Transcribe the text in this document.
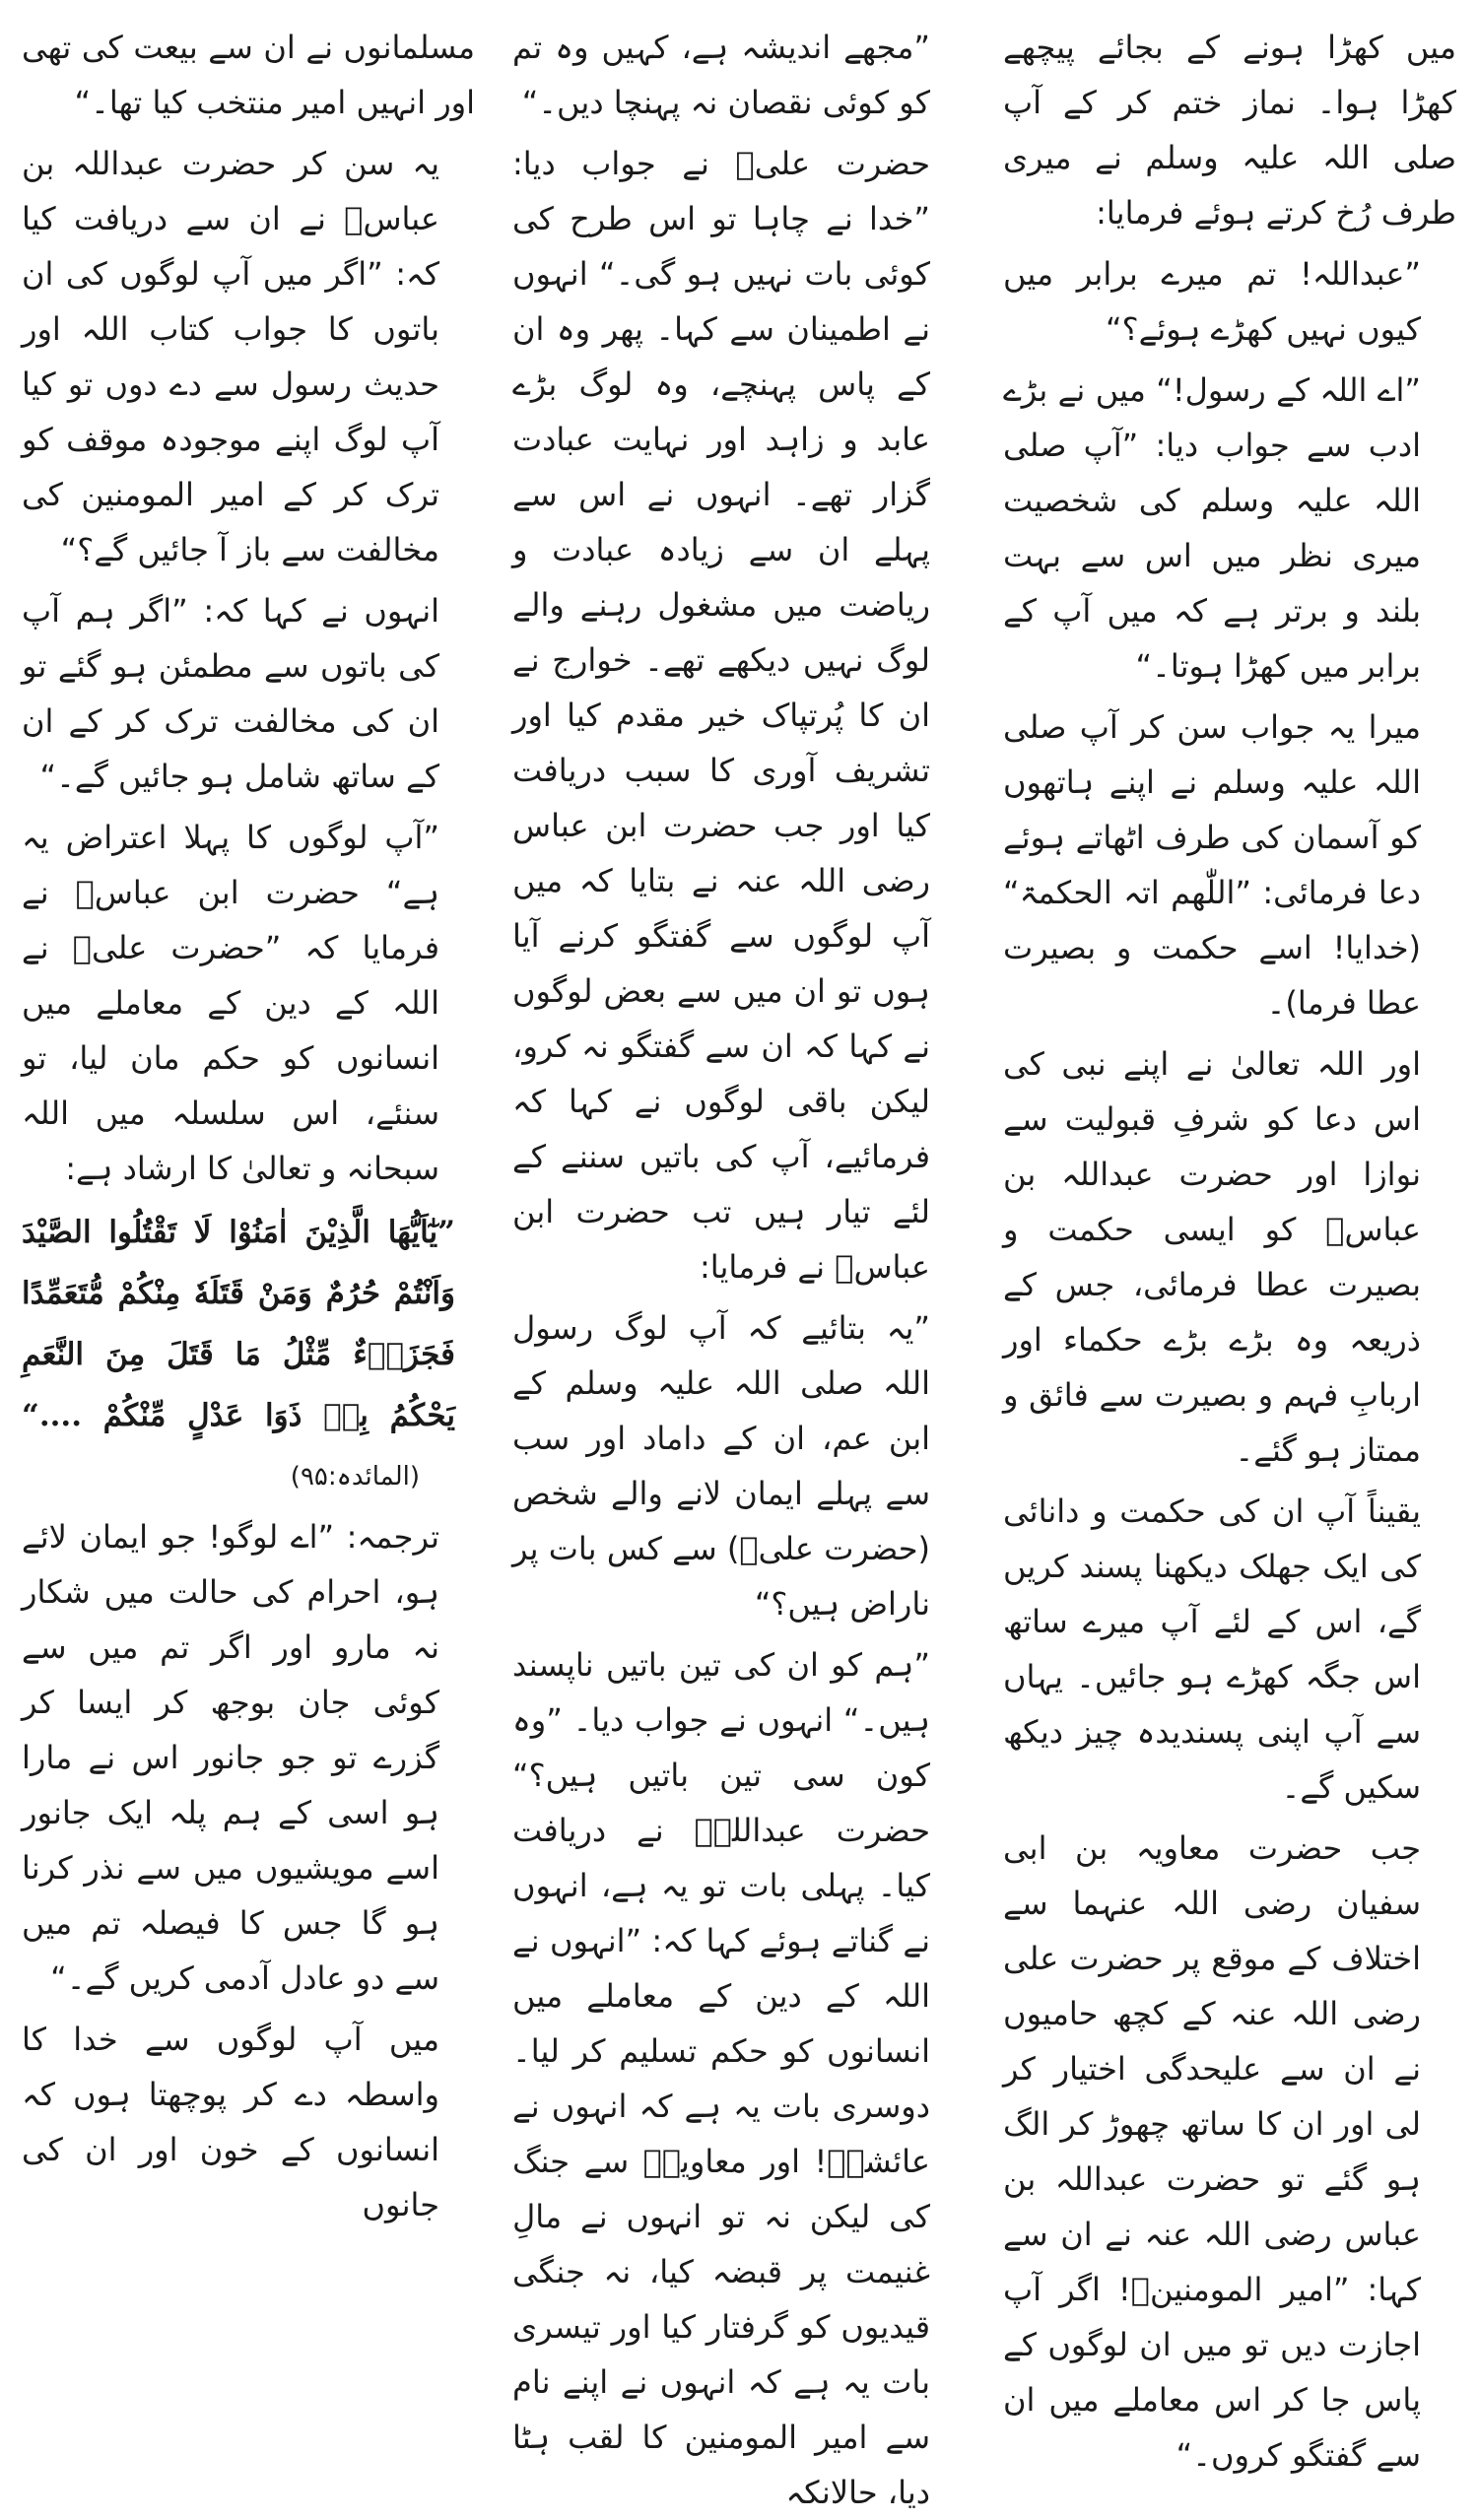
میں کھڑا ہونے کے بجائے پیچھے کھڑا ہوا۔ نماز ختم کر کے آپ صلی اللہ علیہ وسلم نے میری طرف رُخ کرتے ہوئے فرمایا:

”عبداللہ! تم میرے برابر میں کیوں نہیں کھڑے ہوئے؟“

”اے اللہ کے رسول!“ میں نے بڑے ادب سے جواب دیا: ”آپ صلی اللہ علیہ وسلم کی شخصیت میری نظر میں اس سے بہت بلند و برتر ہے کہ میں آپ کے برابر میں کھڑا ہوتا۔“

میرا یہ جواب سن کر آپ صلی اللہ علیہ وسلم نے اپنے ہاتھوں کو آسمان کی طرف اٹھاتے ہوئے دعا فرمائی: ”اللّٰھم اتہ الحکمۃ“ (خدایا! اسے حکمت و بصیرت عطا فرما)۔

اور اللہ تعالیٰ نے اپنے نبی کی اس دعا کو شرفِ قبولیت سے نوازا اور حضرت عبداللہ بن عباسؓ کو ایسی حکمت و بصیرت عطا فرمائی، جس کے ذریعہ وہ بڑے بڑے حکماء اور اربابِ فہم و بصیرت سے فائق و ممتاز ہو گئے۔

یقیناً آپ ان کی حکمت و دانائی کی ایک جھلک دیکھنا پسند کریں گے، اس کے لئے آپ میرے ساتھ اس جگہ کھڑے ہو جائیں۔ یہاں سے آپ اپنی پسندیدہ چیز دیکھ سکیں گے۔

جب حضرت معاویہ بن ابی سفیان رضی اللہ عنہما سے اختلاف کے موقع پر حضرت علی رضی اللہ عنہ کے کچھ حامیوں نے ان سے علیحدگی اختیار کر لی اور ان کا ساتھ چھوڑ کر الگ ہو گئے تو حضرت عبداللہ بن عباس رضی اللہ عنہ نے ان سے کہا: ”امیر المومنینؓ! اگر آپ اجازت دیں تو میں ان لوگوں کے پاس جا کر اس معاملے میں ان سے گفتگو کروں۔“

”مجھے اندیشہ ہے، کہیں وہ تم کو کوئی نقصان نہ پہنچا دیں۔“

حضرت علیؓ نے جواب دیا: ”خدا نے چاہا تو اس طرح کی کوئی بات نہیں ہو گی۔“ انہوں نے اطمینان سے کہا۔ پھر وہ ان کے پاس پہنچے، وہ لوگ بڑے عابد و زاہد اور نہایت عبادت گزار تھے۔ انہوں نے اس سے پہلے ان سے زیادہ عبادت و ریاضت میں مشغول رہنے والے لوگ نہیں دیکھے تھے۔ خوارج نے ان کا پُرتپاک خیر مقدم کیا اور تشریف آوری کا سبب دریافت کیا اور جب حضرت ابن عباس رضی اللہ عنہ نے بتایا کہ میں آپ لوگوں سے گفتگو کرنے آیا ہوں تو ان میں سے بعض لوگوں نے کہا کہ ان سے گفتگو نہ کرو، لیکن باقی لوگوں نے کہا کہ فرمائیے، آپ کی باتیں سننے کے لئے تیار ہیں تب حضرت ابن عباسؓ نے فرمایا:

”یہ بتائیے کہ آپ لوگ رسول اللہ صلی اللہ علیہ وسلم کے ابن عم، ان کے داماد اور سب سے پہلے ایمان لانے والے شخص (حضرت علیؓ) سے کس بات پر ناراض ہیں؟“

”ہم کو ان کی تین باتیں ناپسند ہیں۔“ انہوں نے جواب دیا۔ ”وہ کون سی تین باتیں ہیں؟“ حضرت عبداللہؓ نے دریافت کیا۔ پہلی بات تو یہ ہے، انہوں نے گناتے ہوئے کہا کہ: ”انہوں نے اللہ کے دین کے معاملے میں انسانوں کو حکم تسلیم کر لیا۔ دوسری بات یہ ہے کہ انہوں نے عائشہؓ! اور معاویہؓ سے جنگ کی لیکن نہ تو انہوں نے مالِ غنیمت پر قبضہ کیا، نہ جنگی قیدیوں کو گرفتار کیا اور تیسری بات یہ ہے کہ انہوں نے اپنے نام سے امیر المومنین کا لقب ہٹا دیا، حالانکہ

مسلمانوں نے ان سے بیعت کی تھی اور انہیں امیر منتخب کیا تھا۔“

یہ سن کر حضرت عبداللہ بن عباسؓ نے ان سے دریافت کیا کہ: ”اگر میں آپ لوگوں کی ان باتوں کا جواب کتاب اللہ اور حدیث رسول سے دے دوں تو کیا آپ لوگ اپنے موجودہ موقف کو ترک کر کے امیر المومنین کی مخالفت سے باز آ جائیں گے؟“

انہوں نے کہا کہ: ”اگر ہم آپ کی باتوں سے مطمئن ہو گئے تو ان کی مخالفت ترک کر کے ان کے ساتھ شامل ہو جائیں گے۔“

”آپ لوگوں کا پہلا اعتراض یہ ہے“ حضرت ابن عباسؓ نے فرمایا کہ ”حضرت علیؓ نے اللہ کے دین کے معاملے میں انسانوں کو حکم مان لیا، تو سنئے، اس سلسلہ میں اللہ سبحانہ و تعالیٰ کا ارشاد ہے:

”یٰٓاَیُّھَا الَّذِیْنَ اٰمَنُوْا لَا تَقْتُلُوا الصَّیْدَ وَاَنْتُمْ حُرُمٌ وَمَنْ قَتَلَهٗ مِنْكُمْ مُّتَعَمِّدًا فَجَزَاۗءٌ مِّثْلُ مَا قَتَلَ مِنَ النَّعَمِ یَحْكُمُ بِهٖ ذَوَا عَدْلٍ مِّنْكُمْ ....“

(المائدہ:۹۵)

ترجمہ: ”اے لوگو! جو ایمان لائے ہو، احرام کی حالت میں شکار نہ مارو اور اگر تم میں سے کوئی جان بوجھ کر ایسا کر گزرے تو جو جانور اس نے مارا ہو اسی کے ہم پلہ ایک جانور اسے مویشیوں میں سے نذر کرنا ہو گا جس کا فیصلہ تم میں سے دو عادل آدمی کریں گے۔“

میں آپ لوگوں سے خدا کا واسطہ دے کر پوچھتا ہوں کہ انسانوں کے خون اور ان کی جانوں
